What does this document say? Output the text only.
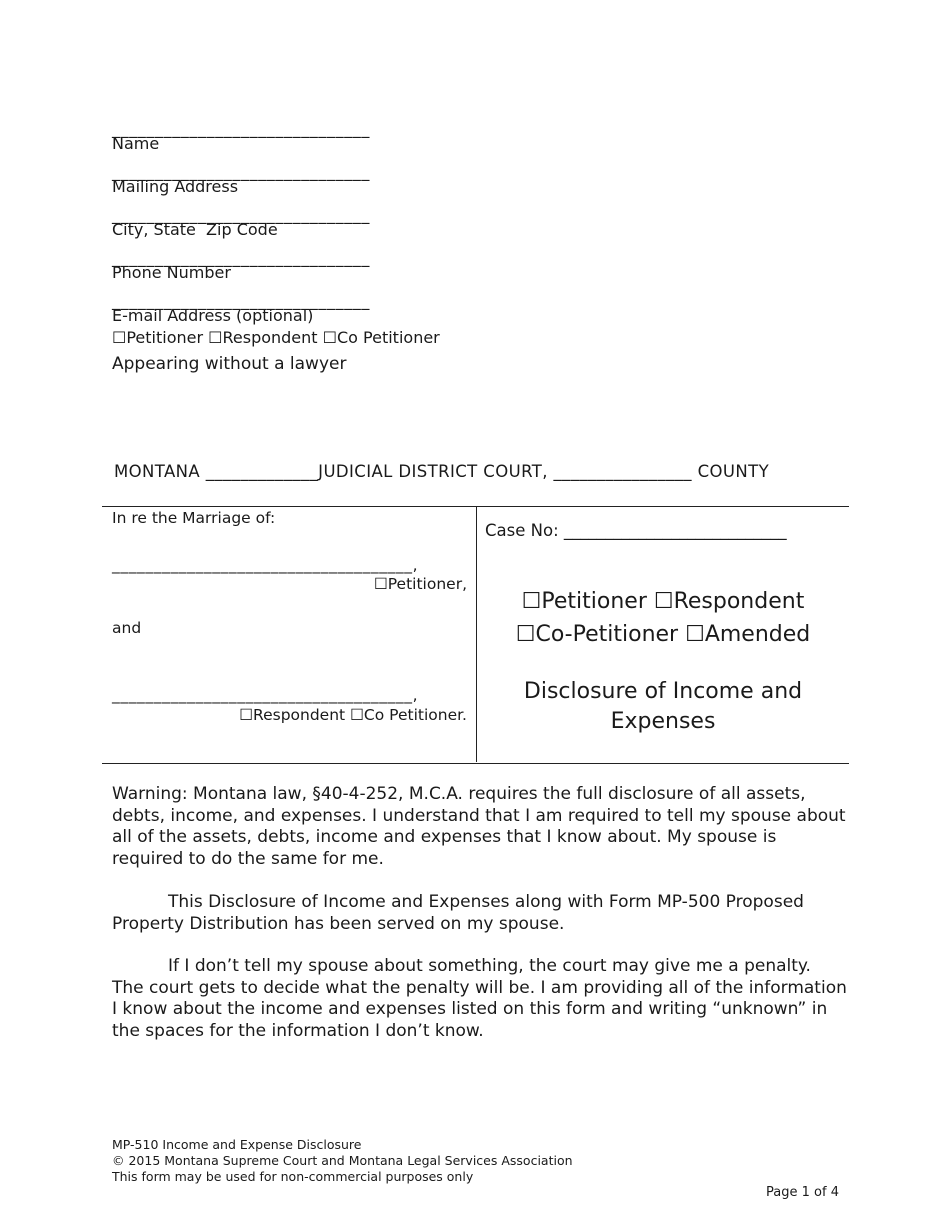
______________________________
Name
______________________________
Mailing Address
______________________________
City, State  Zip Code
______________________________
Phone Number
______________________________
E-mail Address (optional)
☐Petitioner ☐Respondent ☐Co Petitioner
Appearing without a lawyer
MONTANA _____________JUDICIAL DISTRICT COURT, ________________ COUNTY
In re the Marriage of:
____________________________________,
☐Petitioner,
and
____________________________________,
☐Respondent ☐Co Petitioner.
Case No: ___________________________
☐Petitioner ☐Respondent
☐Co-Petitioner ☐Amended
Disclosure of Income and Expenses
Warning: Montana law, §40-4-252, M.C.A. requires the full disclosure of all assets, debts, income, and expenses. I understand that I am required to tell my spouse about all of the assets, debts, income and expenses that I know about. My spouse is required to do the same for me.
This Disclosure of Income and Expenses along with Form MP-500 Proposed Property Distribution has been served on my spouse.
If I don’t tell my spouse about something, the court may give me a penalty. The court gets to decide what the penalty will be. I am providing all of the information I know about the income and expenses listed on this form and writing “unknown” in the spaces for the information I don’t know.
MP-510 Income and Expense Disclosure
© 2015 Montana Supreme Court and Montana Legal Services Association
This form may be used for non-commercial purposes only
Page 1 of 4
